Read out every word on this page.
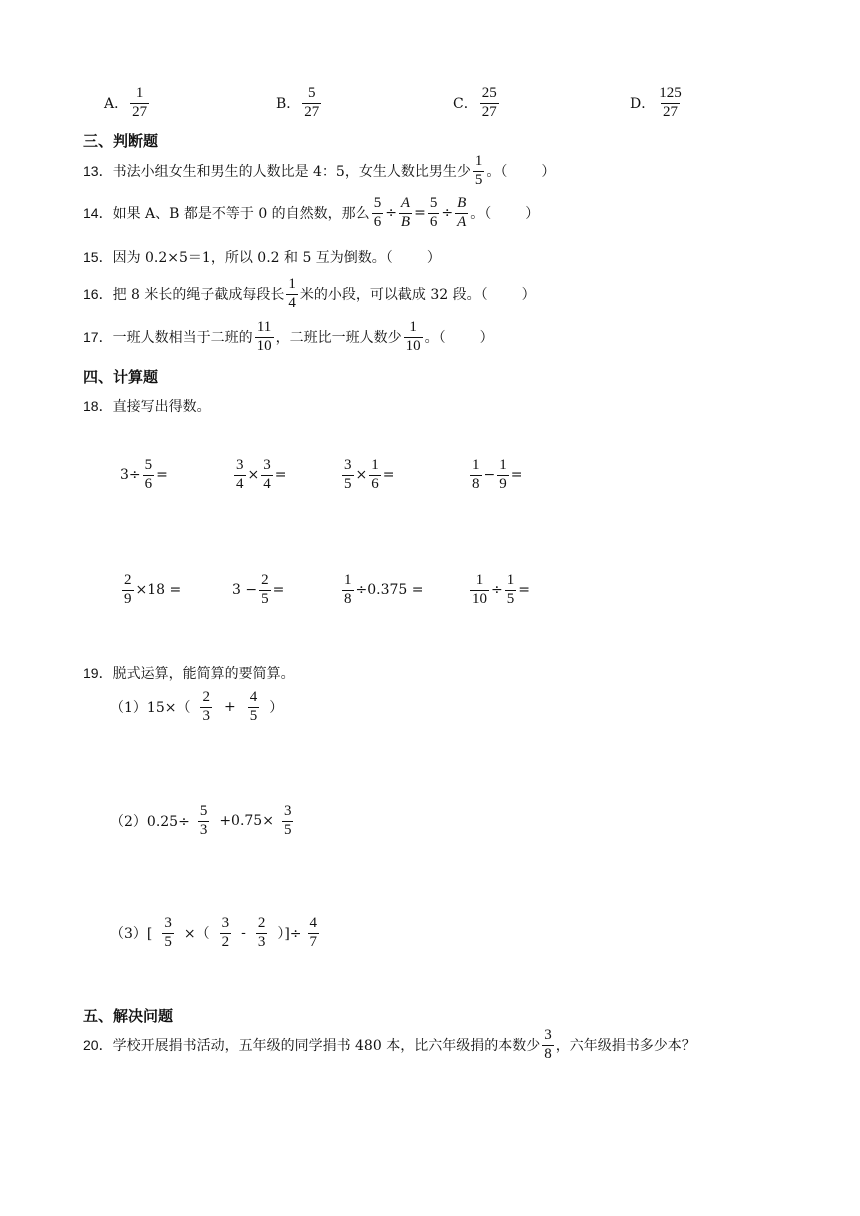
A． $\frac{1}{27}$	B． $\frac{5}{27}$	C． $\frac{25}{27}$	D． $\frac{125}{27}$
三、判断题
13． 书法小组女生和男生的人数比是 4：5，女生人数比男生少 $\frac{1}{5}$ 。（ ）
14． 如果 A、B 都是不等于 0 的自然数，那么 $\frac{5}{6} \div \frac{A}{B} = \frac{5}{6} \div \frac{B}{A}$ 。（ ）
15． 因为 0.2×5＝1，所以 0.2 和 5 互为倒数。（ ）
16． 把 8 米长的绳子截成每段长 $\frac{1}{4}$ 米的小段，可以截成 32 段。（ ）
17． 一班人数相当于二班的 $\frac{11}{10}$ ，二班比一班人数少 $\frac{1}{10}$ 。（ ）
四、计算题
18． 直接写出得数。
$3\div \frac{5}{6}$ =	$\frac{3}{4} \times \frac{3}{4}$ =	$\frac{3}{5} \times \frac{1}{6}$ =	$\frac{1}{8} - \frac{1}{9}$ =
$\frac{2}{9} \times 18$ =	$3 - \frac{2}{5}$ =	$\frac{1}{8} \div 0.375$ =	$\frac{1}{10} \div \frac{1}{5}$ =
19． 脱式运算，能简算的要简算。
$(1)15\times( \frac{2}{3} + \frac{4}{5}$ ）
$(2)0.25\div \frac{5}{3} +0.75\times \frac{3}{5}$
$(3)[ \frac{3}{5}$ ×（ $\frac{3}{2} - \frac{2}{3}$ ）]÷ $\frac{4}{7}$
五、解决问题
20． 学校开展捐书活动，五年级的同学捐书 480 本，比六年级捐的本数少 $\frac{3}{8}$ ，六年级捐书多少本？
